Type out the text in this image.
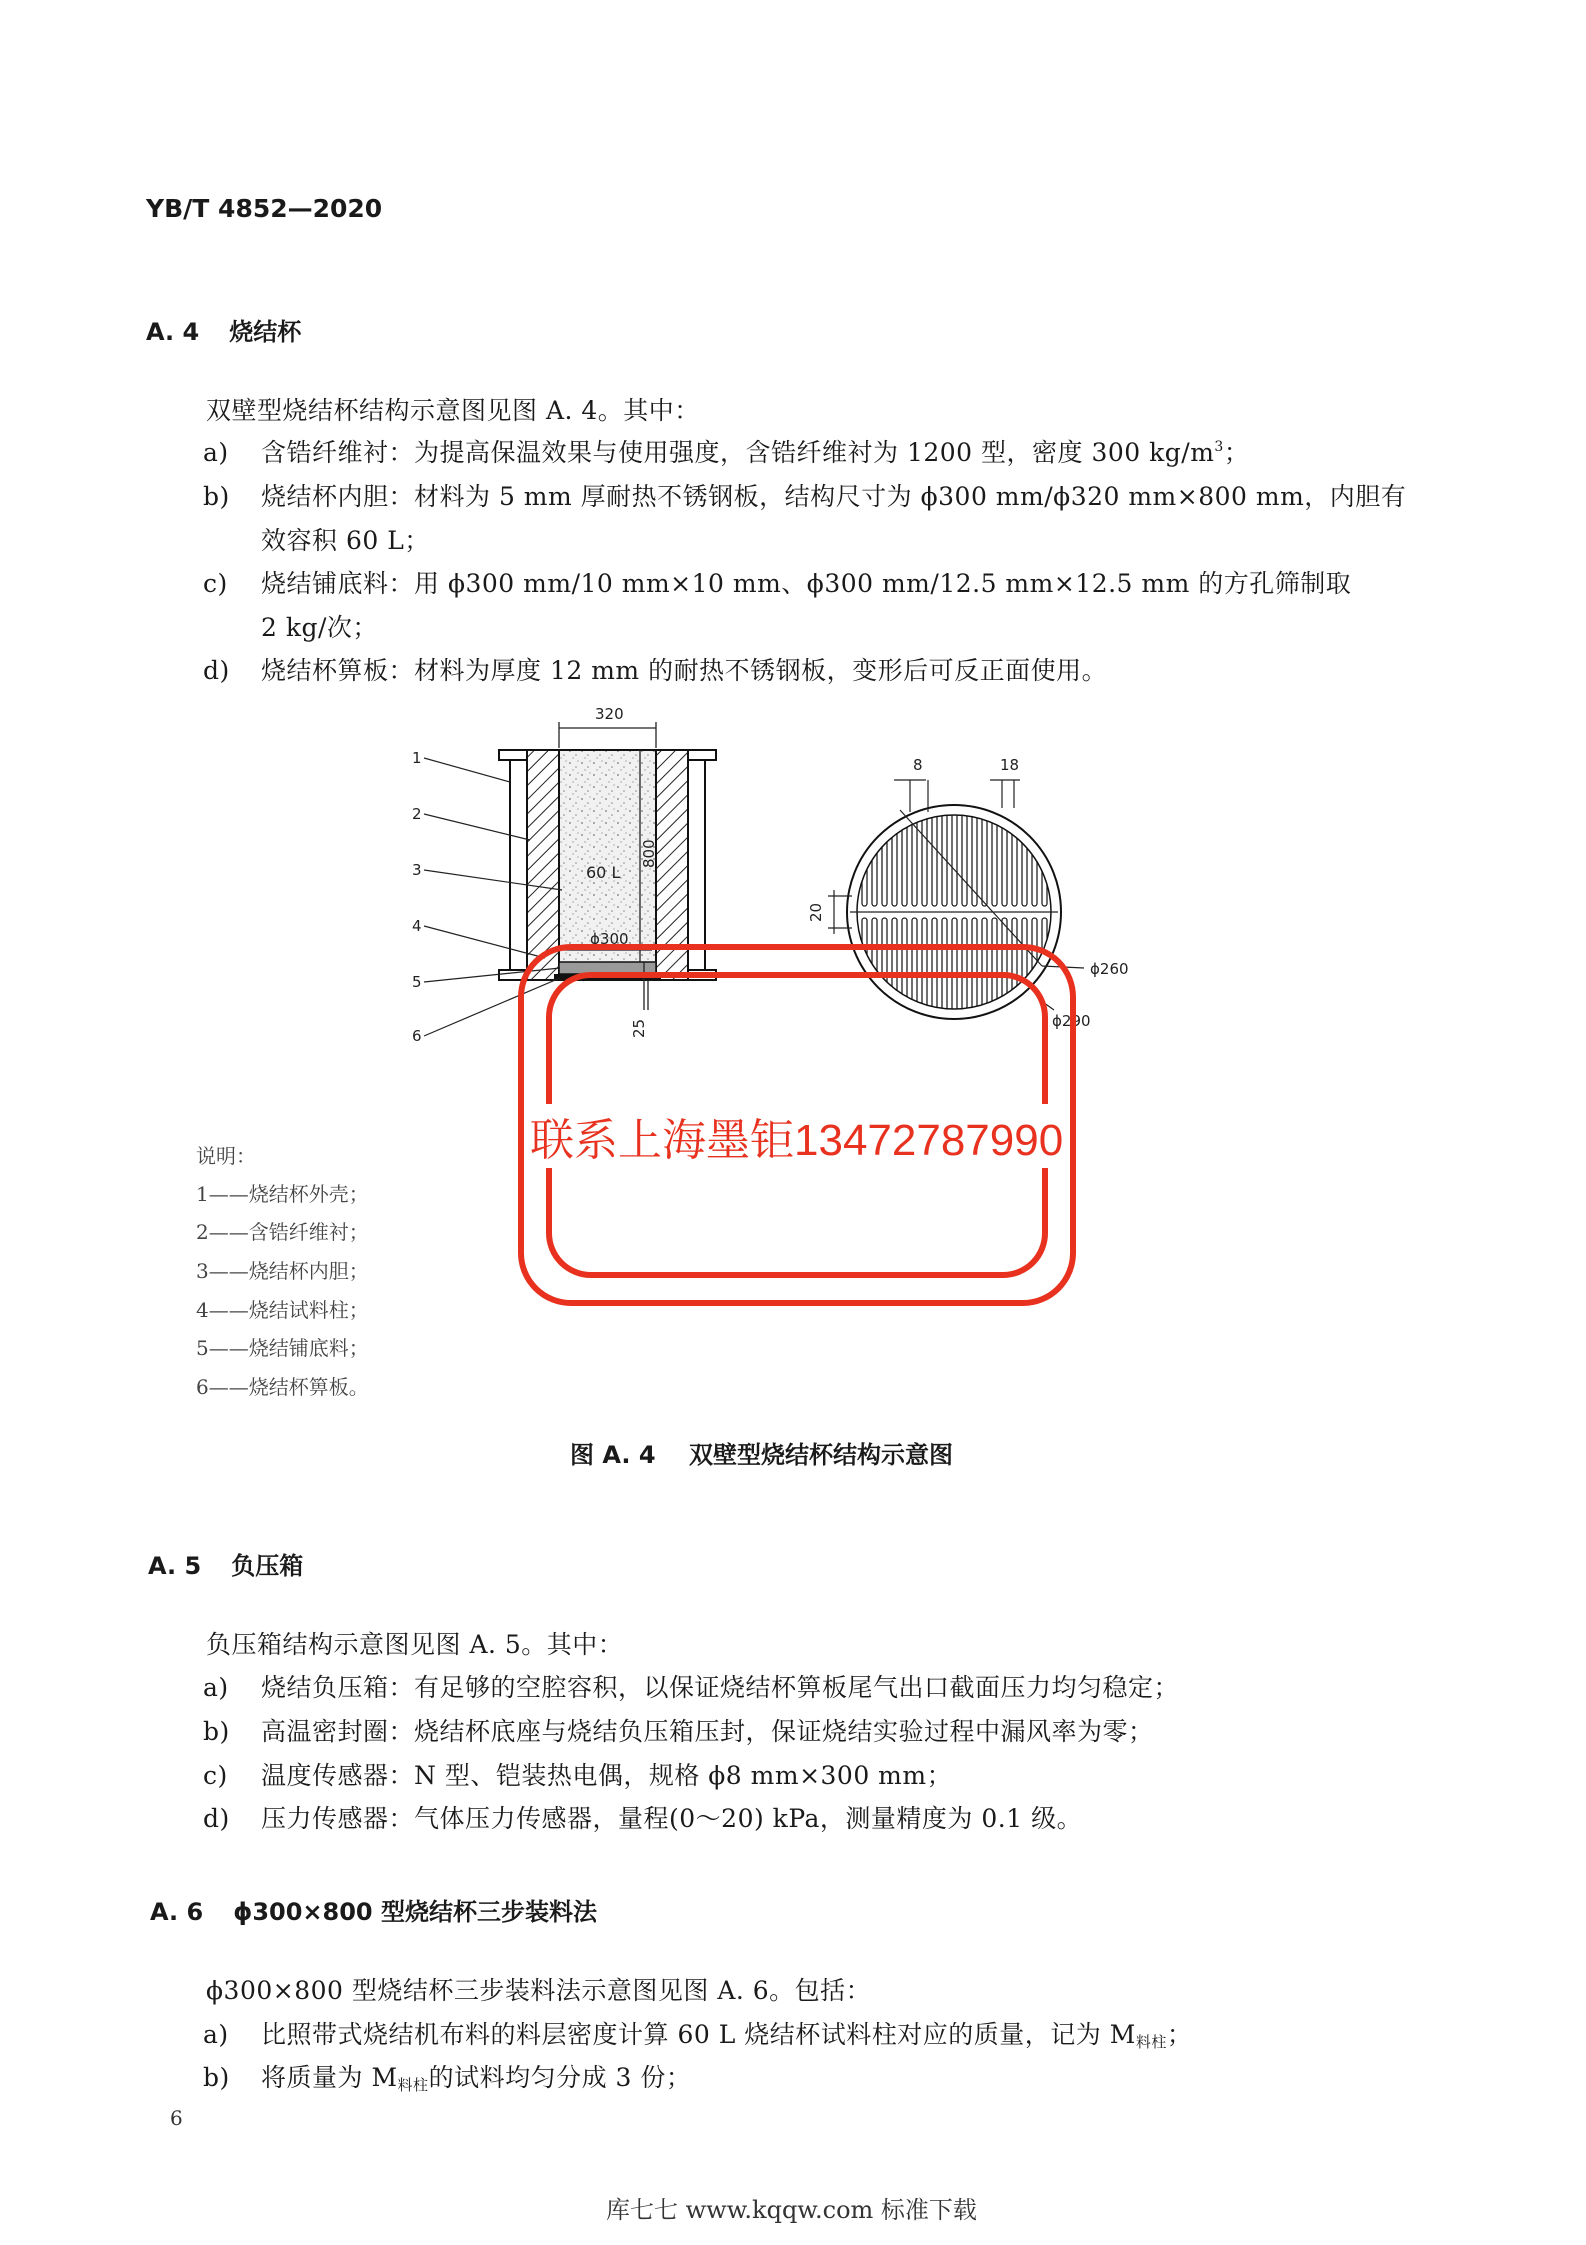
YB/T 4852—2020
A. 4 烧结杯
双壁型烧结杯结构示意图见图 A. 4。其中：
a) 含锆纤维衬：为提高保温效果与使用强度，含锆纤维衬为 1200 型，密度 300 $kg/m^3$；
b) 烧结杯内胆：材料为 5 mm 厚耐热不锈钢板，结构尺寸为 ϕ300 mm/ϕ320 mm×800 mm，内胆有
效容积 60 L；
c) 烧结铺底料：用 ϕ300 mm/10 mm×10 mm、ϕ300 mm/12.5 mm×12.5 mm 的方孔筛制取
2 kg/次；
d) 烧结杯箅板：材料为厚度 12 mm 的耐热不锈钢板，变形后可反正面使用。
320
60 L
800
ϕ300
25
1
2
3
4
5
6
8	18
20
ϕ260
ϕ290
说明：
1——烧结杯外壳；
2——含锆纤维衬；
3——烧结杯内胆；
4——烧结试料柱；
5——烧结铺底料；
6——烧结杯箅板。
图 A. 4    双壁型烧结杯结构示意图
A. 5 负压箱
负压箱结构示意图见图 A. 5。其中：
a) 烧结负压箱：有足够的空腔容积，以保证烧结杯箅板尾气出口截面压力均匀稳定；
b) 高温密封圈：烧结杯底座与烧结负压箱压封，保证烧结实验过程中漏风率为零；
c) 温度传感器：N 型、铠装热电偶，规格 ϕ8 mm×300 mm；
d) 压力传感器：气体压力传感器，量程(0～20) kPa，测量精度为 0.1 级。
A. 6 ϕ300×800 型烧结杯三步装料法
ϕ300×800 型烧结杯三步装料法示意图见图 A. 6。包括：
a) 比照带式烧结机布料的料层密度计算 60 L 烧结杯试料柱对应的质量，记为 $M_{料柱}$；
b) 将质量为 $M_{料柱}$的试料均匀分成 3 份；
6
库七七 www.kqqw.com 标准下载
联系上海墨钜13472787990
